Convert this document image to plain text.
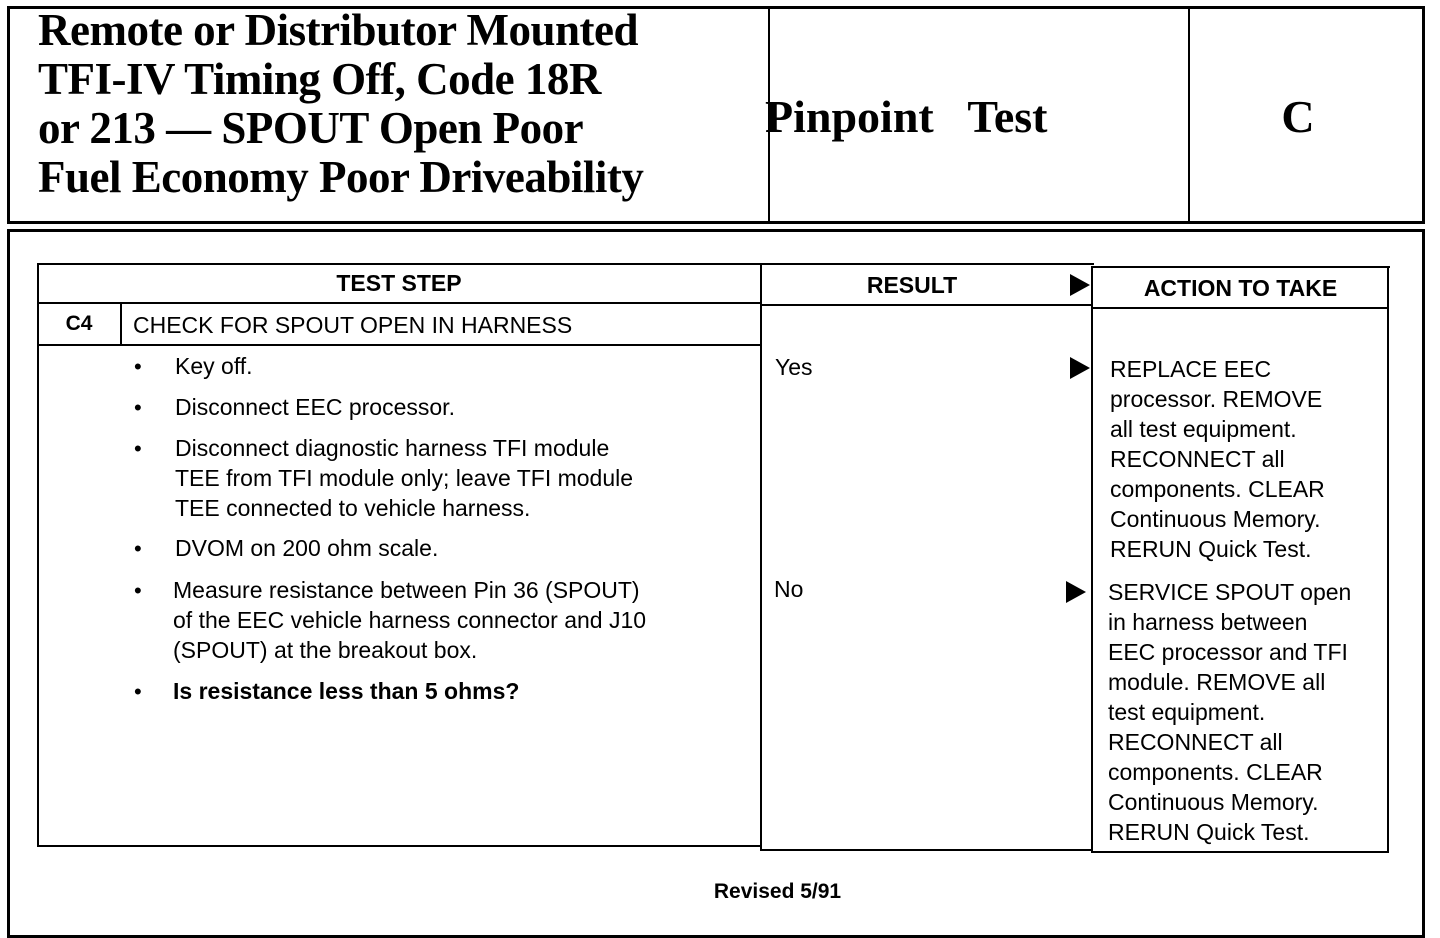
Remote or Distributor Mounted
TFI-IV Timing Off, Code 18R
or 213 — SPOUT Open Poor
Fuel Economy Poor Driveability
Pinpoint   Test	C
TEST STEP	RESULT	ACTION TO TAKE
C4	CHECK FOR SPOUT OPEN IN HARNESS
• Key off.
• Disconnect EEC processor.
• Disconnect diagnostic harness TFI module
TEE from TFI module only; leave TFI module
TEE connected to vehicle harness.
• DVOM on 200 ohm scale.
• Measure resistance between Pin 36 (SPOUT)
of the EEC vehicle harness connector and J10
(SPOUT) at the breakout box.
• Is resistance less than 5 ohms?
Yes	REPLACE EEC
processor. REMOVE
all test equipment.
RECONNECT all
components. CLEAR
Continuous Memory.
RERUN Quick Test.
No	SERVICE SPOUT open
in harness between
EEC processor and TFI
module. REMOVE all
test equipment.
RECONNECT all
components. CLEAR
Continuous Memory.
RERUN Quick Test.
Revised 5/91
